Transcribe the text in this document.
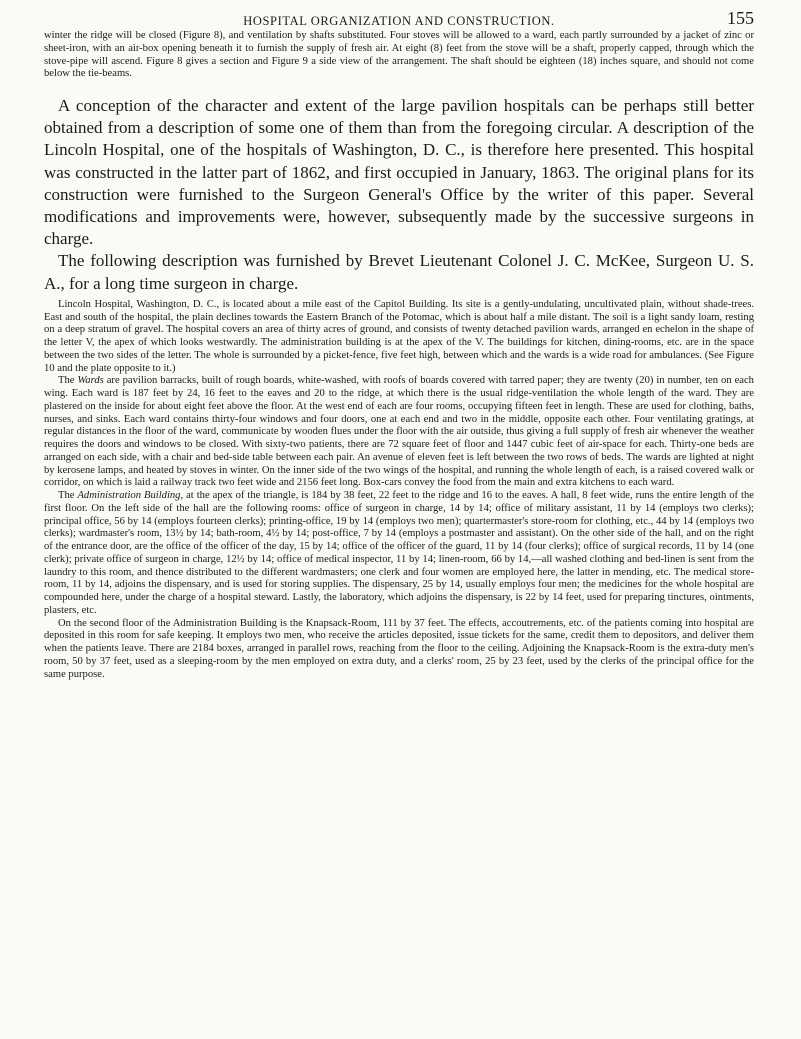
HOSPITAL ORGANIZATION AND CONSTRUCTION.	155

winter the ridge will be closed (Figure 8), and ventilation by shafts substituted. Four stoves will be allowed to a ward, each partly surrounded by a jacket of zinc or sheet-iron, with an air-box opening beneath it to furnish the supply of fresh air. At eight (8) feet from the stove will be a shaft, properly capped, through which the stove-pipe will ascend. Figure 8 gives a section and Figure 9 a side view of the arrangement. The shaft should be eighteen (18) inches square, and should not come below the tie-beams.

A conception of the character and extent of the large pavilion hospitals can be perhaps still better obtained from a description of some one of them than from the foregoing circular. A description of the Lincoln Hospital, one of the hospitals of Washington, D. C., is therefore here presented. This hospital was constructed in the latter part of 1862, and first occupied in January, 1863. The original plans for its construction were furnished to the Surgeon General's Office by the writer of this paper. Several modifications and improvements were, however, subsequently made by the successive surgeons in charge.

The following description was furnished by Brevet Lieutenant Colonel J. C. McKee, Surgeon U. S. A., for a long time surgeon in charge.

Lincoln Hospital, Washington, D. C., is located about a mile east of the Capitol Building. Its site is a gently-undulating, uncultivated plain, without shade-trees. East and south of the hospital, the plain declines towards the Eastern Branch of the Potomac, which is about half a mile distant. The soil is a light sandy loam, resting on a deep stratum of gravel. The hospital covers an area of thirty acres of ground, and consists of twenty detached pavilion wards, arranged en echelon in the shape of the letter V, the apex of which looks westwardly. The administration building is at the apex of the V. The buildings for kitchen, dining-rooms, etc. are in the space between the two sides of the letter. The whole is surrounded by a picket-fence, five feet high, between which and the wards is a wide road for ambulances. (See Figure 10 and the plate opposite to it.)

The Wards are pavilion barracks, built of rough boards, white-washed, with roofs of boards covered with tarred paper; they are twenty (20) in number, ten on each wing. Each ward is 187 feet by 24, 16 feet to the eaves and 20 to the ridge, at which there is the usual ridge-ventilation the whole length of the ward. They are plastered on the inside for about eight feet above the floor. At the west end of each are four rooms, occupying fifteen feet in length. These are used for clothing, baths, nurses, and sinks. Each ward contains thirty-four windows and four doors, one at each end and two in the middle, opposite each other. Four ventilating gratings, at regular distances in the floor of the ward, communicate by wooden flues under the floor with the air outside, thus giving a full supply of fresh air whenever the weather requires the doors and windows to be closed. With sixty-two patients, there are 72 square feet of floor and 1447 cubic feet of air-space for each. Thirty-one beds are arranged on each side, with a chair and bed-side table between each pair. An avenue of eleven feet is left between the two rows of beds. The wards are lighted at night by kerosene lamps, and heated by stoves in winter. On the inner side of the two wings of the hospital, and running the whole length of each, is a raised covered walk or corridor, on which is laid a railway track two feet wide and 2156 feet long. Box-cars convey the food from the main and extra kitchens to each ward.

The Administration Building, at the apex of the triangle, is 184 by 38 feet, 22 feet to the ridge and 16 to the eaves. A hall, 8 feet wide, runs the entire length of the first floor. On the left side of the hall are the following rooms: office of surgeon in charge, 14 by 14; office of military assistant, 11 by 14 (employs two clerks); principal office, 56 by 14 (employs fourteen clerks); printing-office, 19 by 14 (employs two men); quartermaster's store-room for clothing, etc., 44 by 14 (employs two clerks); wardmaster's room, 13½ by 14; bath-room, 4½ by 14; post-office, 7 by 14 (employs a postmaster and assistant). On the other side of the hall, and on the right of the entrance door, are the office of the officer of the day, 15 by 14; office of the officer of the guard, 11 by 14 (four clerks); office of surgical records, 11 by 14 (one clerk); private office of surgeon in charge, 12½ by 14; office of medical inspector, 11 by 14; linen-room, 66 by 14,—all washed clothing and bed-linen is sent from the laundry to this room, and thence distributed to the different wardmasters; one clerk and four women are employed here, the latter in mending, etc. The medical store-room, 11 by 14, adjoins the dispensary, and is used for storing supplies. The dispensary, 25 by 14, usually employs four men; the medicines for the whole hospital are compounded here, under the charge of a hospital steward. Lastly, the laboratory, which adjoins the dispensary, is 22 by 14 feet, used for preparing tinctures, ointments, plasters, etc.

On the second floor of the Administration Building is the Knapsack-Room, 111 by 37 feet. The effects, accoutrements, etc. of the patients coming into hospital are deposited in this room for safe keeping. It employs two men, who receive the articles deposited, issue tickets for the same, credit them to depositors, and deliver them when the patients leave. There are 2184 boxes, arranged in parallel rows, reaching from the floor to the ceiling. Adjoining the Knapsack-Room is the extra-duty men's room, 50 by 37 feet, used as a sleeping-room by the men employed on extra duty, and a clerks' room, 25 by 23 feet, used by the clerks of the principal office for the same purpose.
